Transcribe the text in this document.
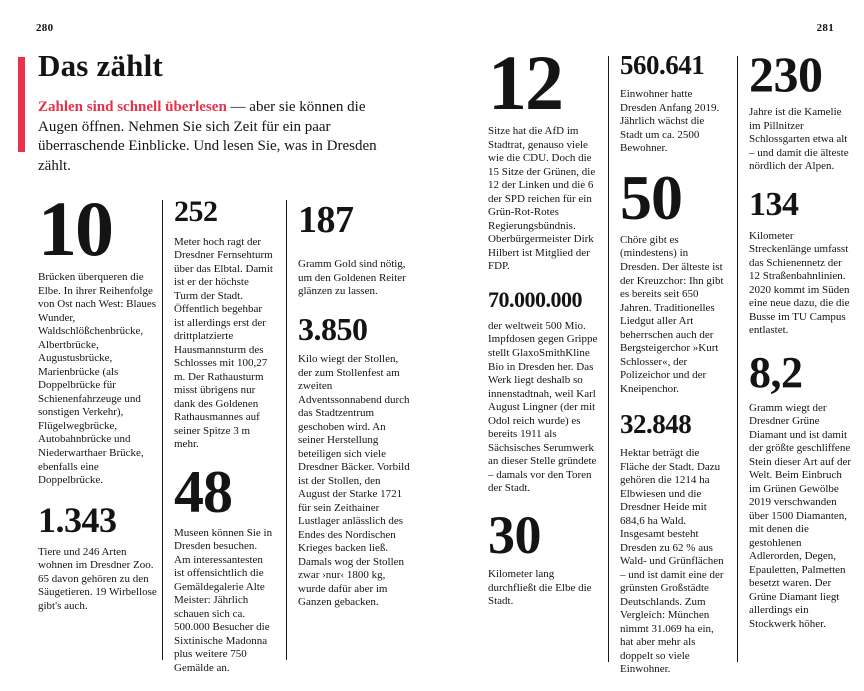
280	281
Das zählt

Zahlen sind schnell überlesen — aber sie können die Augen öffnen. Nehmen Sie sich Zeit für ein paar überraschende Einblicke. Und lesen Sie, was in Dresden zählt.

10

Brücken überqueren die Elbe. In ihrer Reihenfolge von Ost nach West: Blaues Wunder, Waldschlößchenbrücke, Albertbrücke, Augustusbrücke, Marienbrücke (als Doppelbrücke für Schienenfahrzeuge und sonstigen Verkehr), Flügelwegbrücke, Autobahnbrücke und Niederwarthaer Brücke, ebenfalls eine Doppelbrücke.

1.343

Tiere und 246 Arten wohnen im Dresdner Zoo. 65 davon gehören zu den Säugetieren. 19 Wirbellose gibt's auch.

252

Meter hoch ragt der Dresdner Fernsehturm über das Elbtal. Damit ist er der höchste Turm der Stadt. Öffentlich begehbar ist allerdings erst der drittplatzierte Hausmannsturm des Schlosses mit 100,27 m. Der Rathausturm misst übrigens nur dank des Goldenen Rathausmannes auf seiner Spitze 3 m mehr.

48

Museen können Sie in Dresden besuchen. Am interessantesten ist offensichtlich die Gemäldegalerie Alte Meister: Jährlich schauen sich ca. 500.000 Besucher die Sixtinische Madonna plus weitere 750 Gemälde an.

187

Gramm Gold sind nötig, um den Goldenen Reiter glänzen zu lassen.

3.850

Kilo wiegt der Stollen, der zum Stollenfest am zweiten Adventssonnabend durch das Stadtzentrum geschoben wird. An seiner Herstellung beteiligen sich viele Dresdner Bäcker. Vorbild ist der Stollen, den August der Starke 1721 für sein Zeithainer Lustlager anlässlich des Endes des Nordischen Krieges backen ließ. Damals wog der Stollen zwar ›nur‹ 1800 kg, wurde dafür aber im Ganzen gebacken.

12

Sitze hat die AfD im Stadtrat, genauso viele wie die CDU. Doch die 15 Sitze der Grünen, die 12 der Linken und die 6 der SPD reichen für ein Grün-Rot-Rotes Regierungsbündnis. Oberbürgermeister Dirk Hilbert ist Mitglied der FDP.

70.000.000

der weltweit 500 Mio. Impfdosen gegen Grippe stellt GlaxoSmithKline Bio in Dresden her. Das Werk liegt deshalb so innenstadtnah, weil Karl August Lingner (der mit Odol reich wurde) es bereits 1911 als Sächsisches Serumwerk an dieser Stelle gründete – damals vor den Toren der Stadt.

30

Kilometer lang durchfließt die Elbe die Stadt.

560.641

Einwohner hatte Dresden Anfang 2019. Jährlich wächst die Stadt um ca. 2500 Bewohner.

50

Chöre gibt es (mindestens) in Dresden. Der älteste ist der Kreuzchor: Ihn gibt es bereits seit 650 Jahren. Traditionelles Liedgut aller Art beherrschen auch der Bergsteigerchor »Kurt Schlosser«, der Polizeichor und der Kneipenchor.

32.848

Hektar beträgt die Fläche der Stadt. Dazu gehören die 1214 ha Elbwiesen und die Dresdner Heide mit 684,6 ha Wald. Insgesamt besteht Dresden zu 62 % aus Wald- und Grünflächen – und ist damit eine der grünsten Großstädte Deutschlands. Zum Vergleich: München nimmt 31.069 ha ein, hat aber mehr als doppelt so viele Einwohner.

230

Jahre ist die Kamelie im Pillnitzer Schlossgarten etwa alt – und damit die älteste nördlich der Alpen.

134

Kilometer Streckenlänge umfasst das Schienennetz der 12 Straßenbahnlinien. 2020 kommt im Süden eine neue dazu, die die Busse im TU Campus entlastet.

8,2

Gramm wiegt der Dresdner Grüne Diamant und ist damit der größte geschliffene Stein dieser Art auf der Welt. Beim Einbruch im Grünen Gewölbe 2019 verschwanden über 1500 Diamanten, mit denen die gestohlenen Adlerorden, Degen, Epauletten, Palmetten besetzt waren. Der Grüne Diamant liegt allerdings ein Stockwerk höher.
